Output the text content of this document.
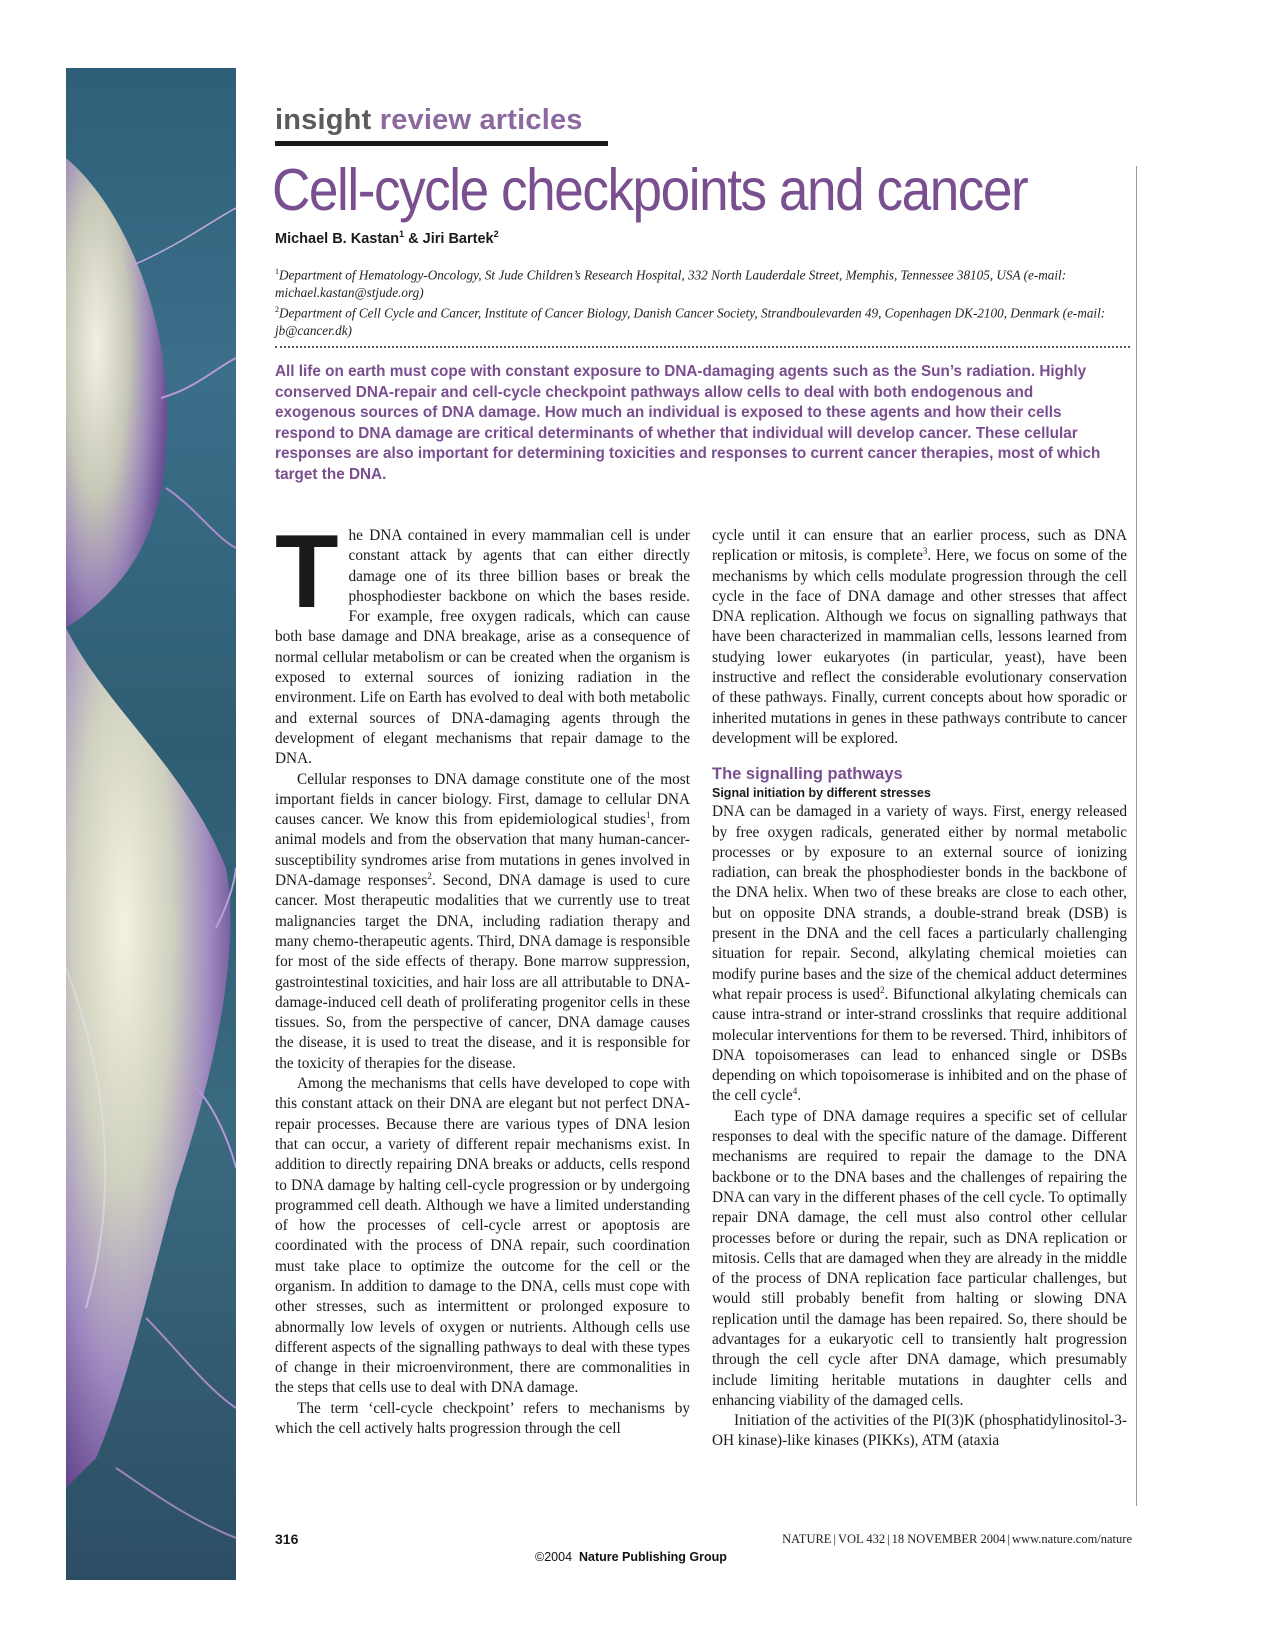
insight review articles
Cell-cycle checkpoints and cancer
Michael B. Kastan$^1$ & Jiri Bartek$^2$
$^1$Department of Hematology-Oncology, St Jude Children’s Research Hospital, 332 North Lauderdale Street, Memphis, Tennessee 38105, USA (e-mail: michael.kastan@stjude.org)
$^2$Department of Cell Cycle and Cancer, Institute of Cancer Biology, Danish Cancer Society, Strandboulevarden 49, Copenhagen DK-2100, Denmark (e-mail: jb@cancer.dk)
All life on earth must cope with constant exposure to DNA-damaging agents such as the Sun’s radiation. Highly conserved DNA-repair and cell-cycle checkpoint pathways allow cells to deal with both endogenous and exogenous sources of DNA damage. How much an individual is exposed to these agents and how their cells respond to DNA damage are critical determinants of whether that individual will develop cancer. These cellular responses are also important for determining toxicities and responses to current cancer therapies, most of which target the DNA.

The DNA contained in every mammalian cell is under constant attack by agents that can either directly damage one of its three billion bases or break the phosphodiester backbone on which the bases reside. For example, free oxygen radicals, which can cause both base damage and DNA breakage, arise as a consequence of normal cellular metabolism or can be created when the organism is exposed to external sources of ionizing radiation in the environment. Life on Earth has evolved to deal with both metabolic and external sources of DNA-damaging agents through the development of elegant mechanisms that repair damage to the DNA.

Cellular responses to DNA damage constitute one of the most important fields in cancer biology. First, damage to cellular DNA causes cancer. We know this from epidemiological studies$^1$, from animal models and from the observation that many human-cancer-susceptibility syndromes arise from mutations in genes involved in DNA-damage responses$^2$. Second, DNA damage is used to cure cancer. Most therapeutic modalities that we currently use to treat malignancies target the DNA, including radiation therapy and many chemo-therapeutic agents. Third, DNA damage is responsible for most of the side effects of therapy. Bone marrow suppression, gastrointestinal toxicities, and hair loss are all attributable to DNA-damage-induced cell death of proliferating progenitor cells in these tissues. So, from the perspective of cancer, DNA damage causes the disease, it is used to treat the disease, and it is responsible for the toxicity of therapies for the disease.

Among the mechanisms that cells have developed to cope with this constant attack on their DNA are elegant but not perfect DNA-repair processes. Because there are various types of DNA lesion that can occur, a variety of different repair mechanisms exist. In addition to directly repairing DNA breaks or adducts, cells respond to DNA damage by halting cell-cycle progression or by undergoing programmed cell death. Although we have a limited understanding of how the processes of cell-cycle arrest or apoptosis are coordinated with the process of DNA repair, such coordination must take place to optimize the outcome for the cell or the organism. In addition to damage to the DNA, cells must cope with other stresses, such as intermittent or prolonged exposure to abnormally low levels of oxygen or nutrients. Although cells use different aspects of the signalling pathways to deal with these types of change in their microenvironment, there are commonalities in the steps that cells use to deal with DNA damage.

The term ‘cell-cycle checkpoint’ refers to mechanisms by which the cell actively halts progression through the cell

cycle until it can ensure that an earlier process, such as DNA replication or mitosis, is complete$^3$. Here, we focus on some of the mechanisms by which cells modulate progression through the cell cycle in the face of DNA damage and other stresses that affect DNA replication. Although we focus on signalling pathways that have been characterized in mammalian cells, lessons learned from studying lower eukaryotes (in particular, yeast), have been instructive and reflect the considerable evolutionary conservation of these pathways. Finally, current concepts about how sporadic or inherited mutations in genes in these pathways contribute to cancer development will be explored.

The signalling pathways
Signal initiation by different stresses

DNA can be damaged in a variety of ways. First, energy released by free oxygen radicals, generated either by normal metabolic processes or by exposure to an external source of ionizing radiation, can break the phosphodiester bonds in the backbone of the DNA helix. When two of these breaks are close to each other, but on opposite DNA strands, a double-strand break (DSB) is present in the DNA and the cell faces a particularly challenging situation for repair. Second, alkylating chemical moieties can modify purine bases and the size of the chemical adduct determines what repair process is used$^2$. Bifunctional alkylating chemicals can cause intra-strand or inter-strand crosslinks that require additional molecular interventions for them to be reversed. Third, inhibitors of DNA topoisomerases can lead to enhanced single or DSBs depending on which topoisomerase is inhibited and on the phase of the cell cycle$^4$.

Each type of DNA damage requires a specific set of cellular responses to deal with the specific nature of the damage. Different mechanisms are required to repair the damage to the DNA backbone or to the DNA bases and the challenges of repairing the DNA can vary in the different phases of the cell cycle. To optimally repair DNA damage, the cell must also control other cellular processes before or during the repair, such as DNA replication or mitosis. Cells that are damaged when they are already in the middle of the process of DNA replication face particular challenges, but would still probably benefit from halting or slowing DNA replication until the damage has been repaired. So, there should be advantages for a eukaryotic cell to transiently halt progression through the cell cycle after DNA damage, which presumably include limiting heritable mutations in daughter cells and enhancing viability of the damaged cells.

Initiation of the activities of the PI(3)K (phosphatidylinositol-3-OH kinase)-like kinases (PIKKs), ATM (ataxia

316	NATURE | VOL 432 | 18 NOVEMBER 2004 | www.nature.com/nature
©2004 Nature Publishing Group
